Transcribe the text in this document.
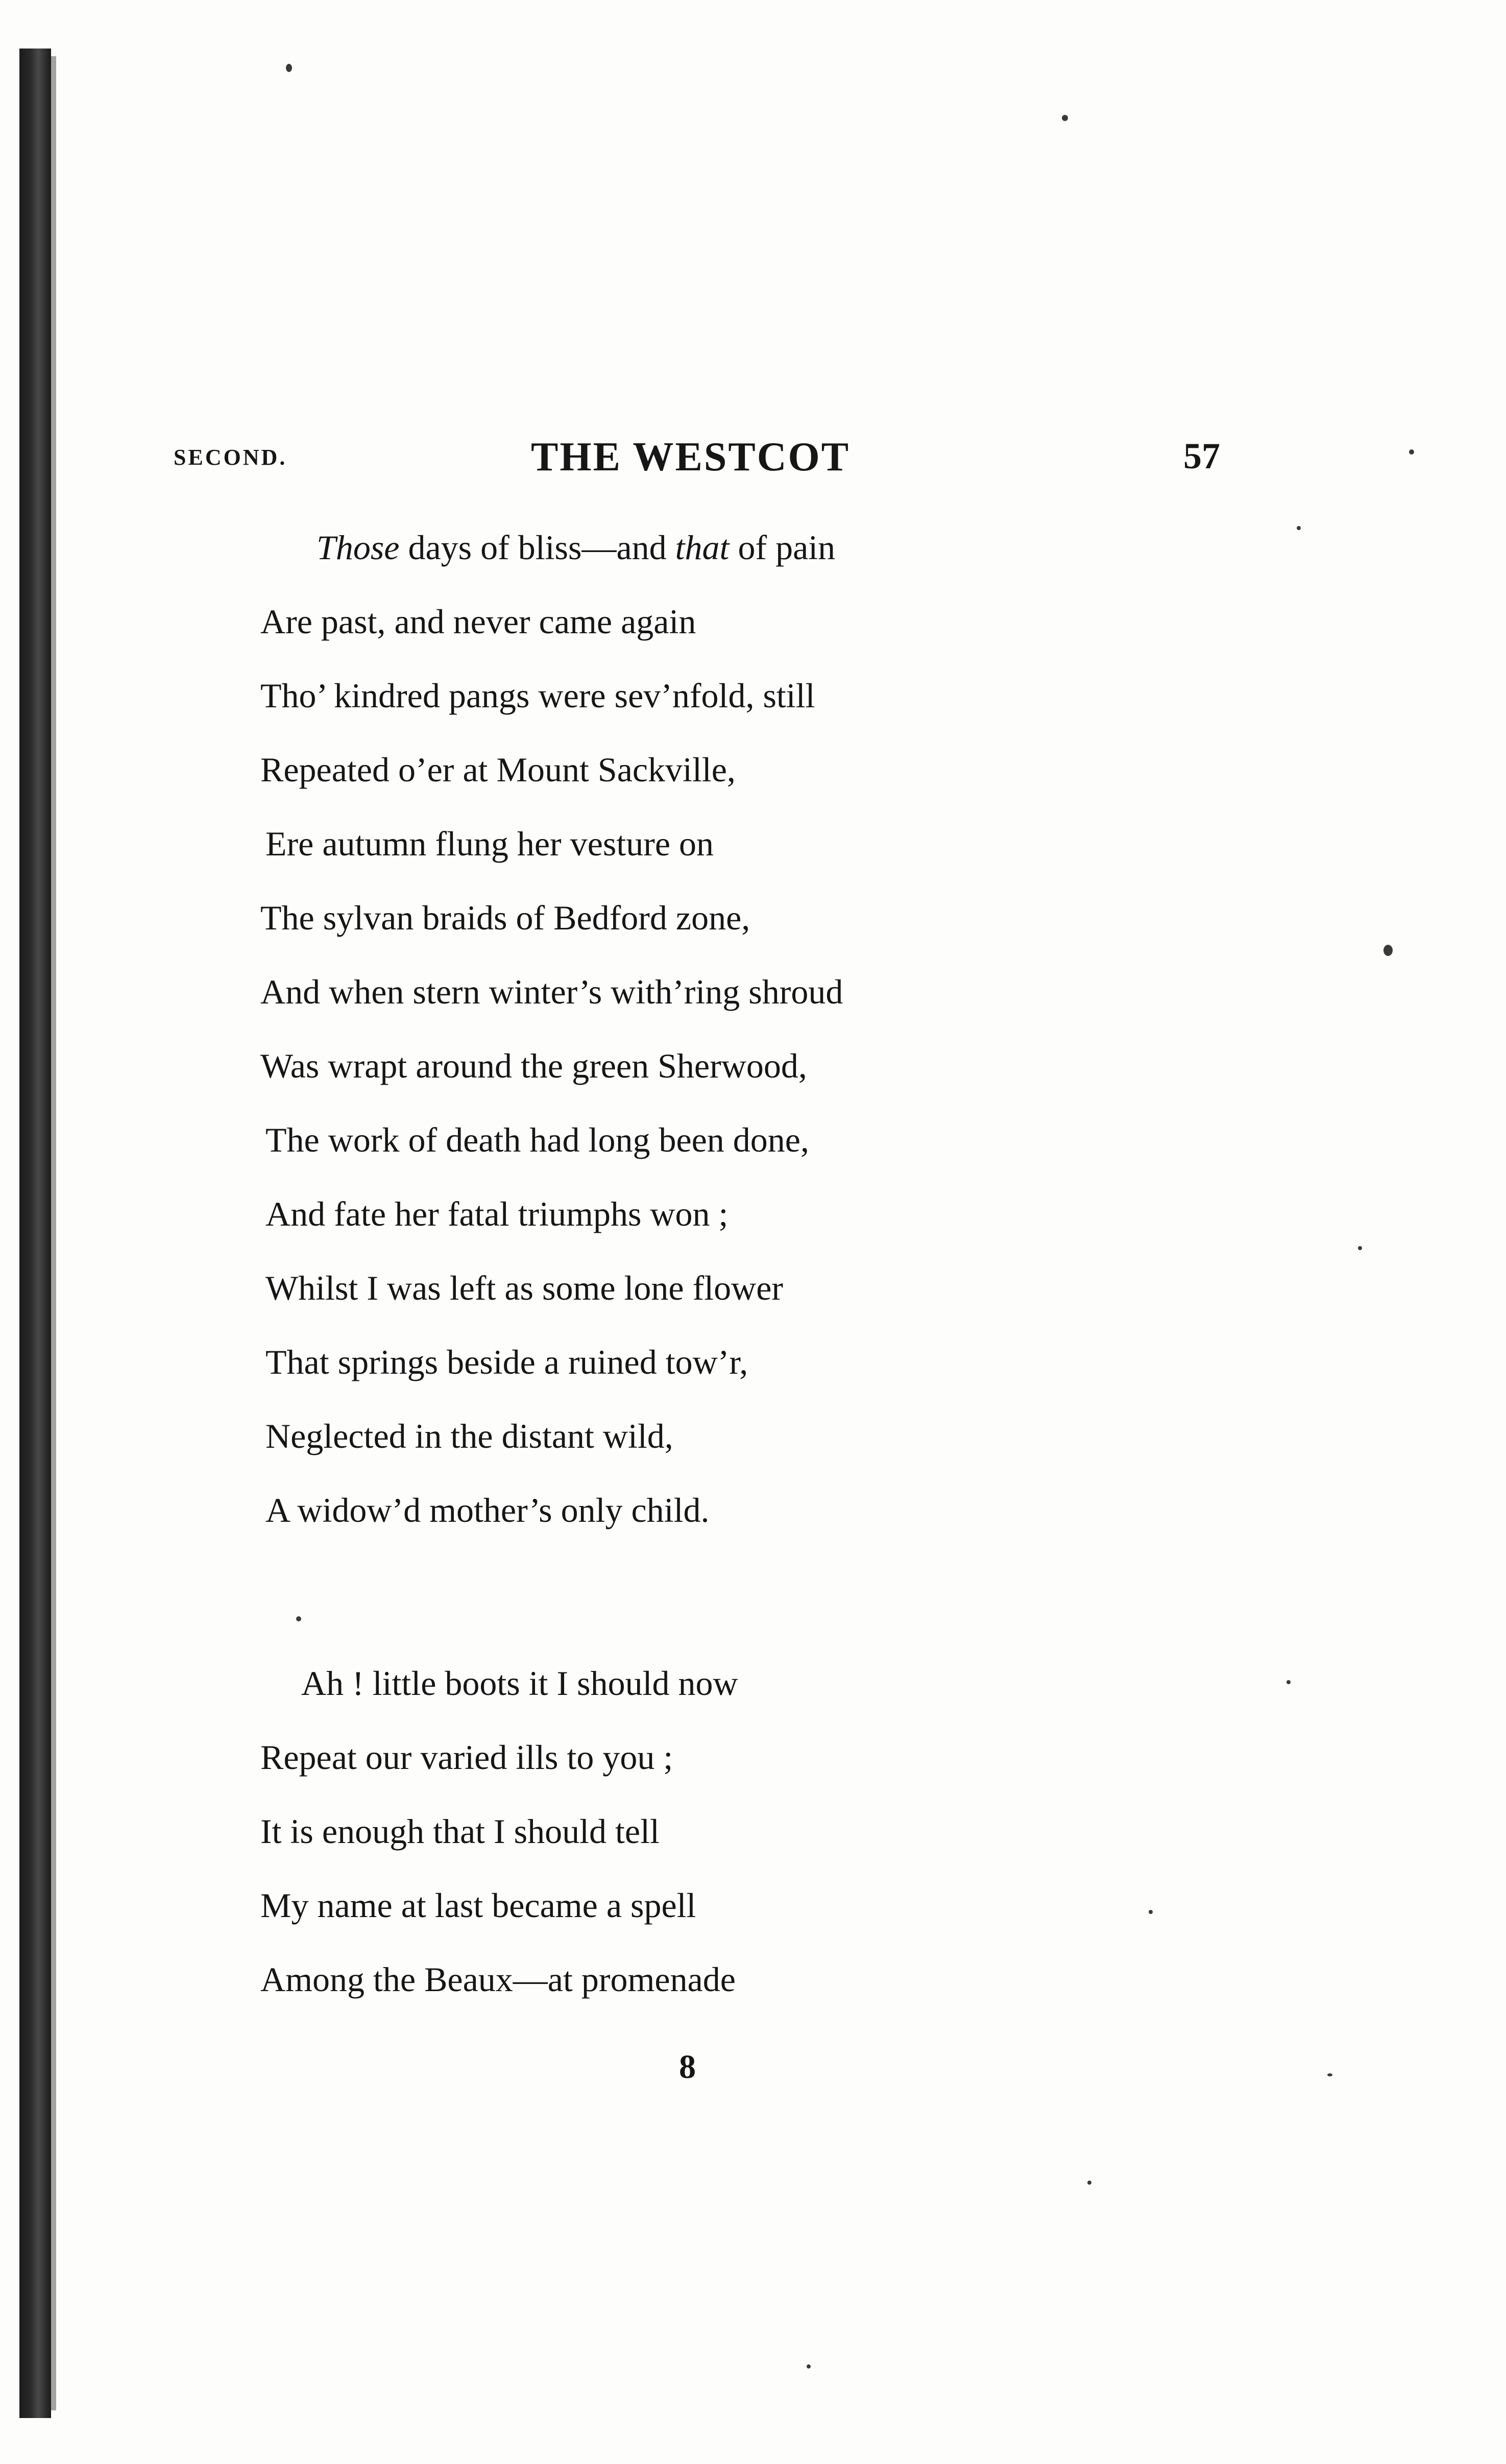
SECOND.	THE WESTCOT	57
Those days of bliss—and that of pain
Are past, and never came again
Tho’ kindred pangs were sev’nfold, still
Repeated o’er at Mount Sackville,
Ere autumn flung her vesture on
The sylvan braids of Bedford zone,
And when stern winter’s with’ring shroud
Was wrapt around the green Sherwood,
The work of death had long been done,
And fate her fatal triumphs won ;
Whilst I was left as some lone flower
That springs beside a ruined tow’r,
Neglected in the distant wild,
A widow’d mother’s only child.
Ah ! little boots it I should now
Repeat our varied ills to you ;
It is enough that I should tell
My name at last became a spell
Among the Beaux—at promenade
8
